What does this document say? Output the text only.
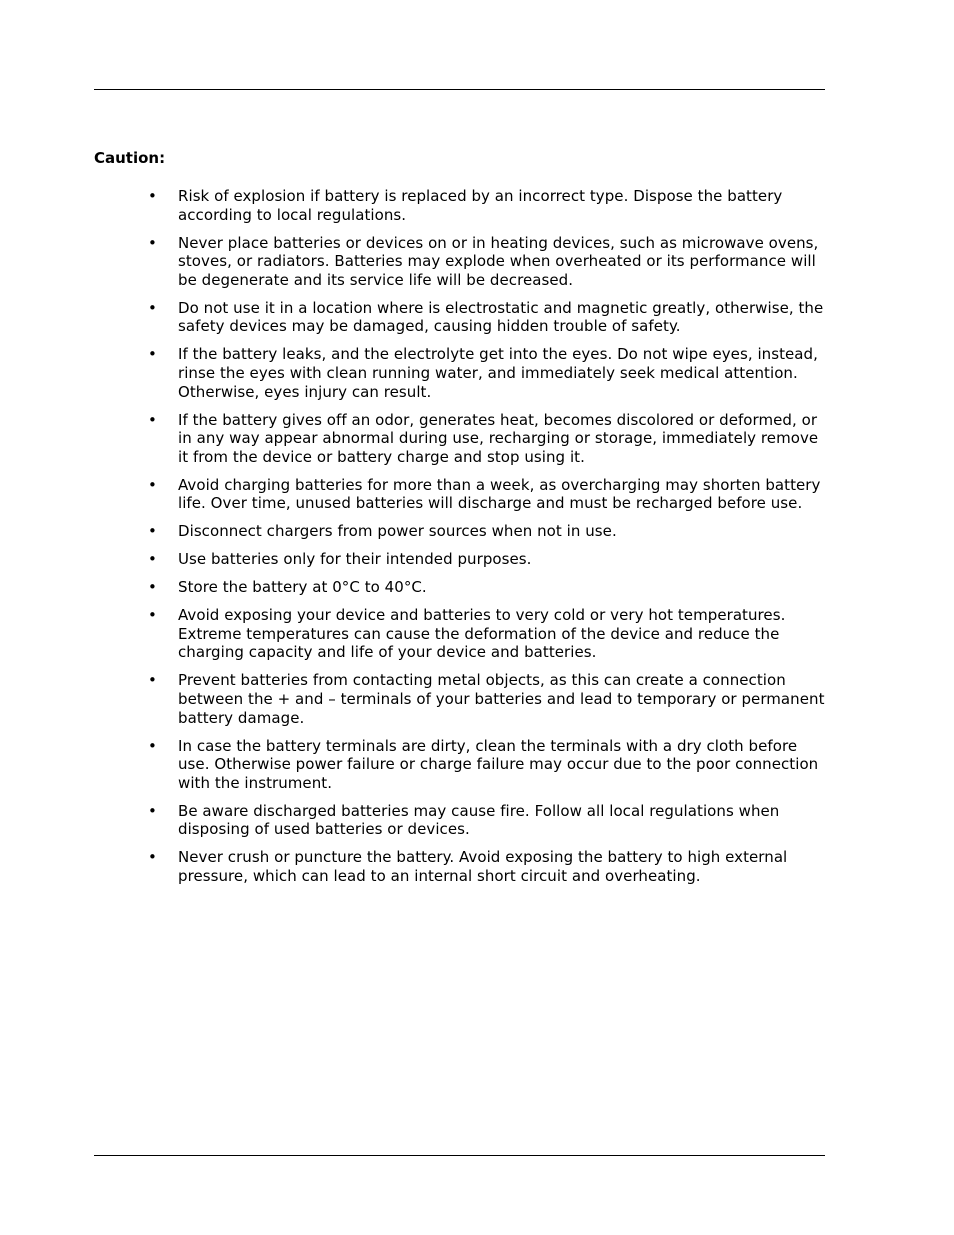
Caution:
• Risk of explosion if battery is replaced by an incorrect type. Dispose the battery according to local regulations.
• Never place batteries or devices on or in heating devices, such as microwave ovens, stoves, or radiators. Batteries may explode when overheated or its performance will be degenerate and its service life will be decreased.
• Do not use it in a location where is electrostatic and magnetic greatly, otherwise, the safety devices may be damaged, causing hidden trouble of safety.
• If the battery leaks, and the electrolyte get into the eyes. Do not wipe eyes, instead, rinse the eyes with clean running water, and immediately seek medical attention. Otherwise, eyes injury can result.
• If the battery gives off an odor, generates heat, becomes discolored or deformed, or in any way appear abnormal during use, recharging or storage, immediately remove it from the device or battery charge and stop using it.
• Avoid charging batteries for more than a week, as overcharging may shorten battery life. Over time, unused batteries will discharge and must be recharged before use.
• Disconnect chargers from power sources when not in use.
• Use batteries only for their intended purposes.
• Store the battery at 0°C to 40°C.
• Avoid exposing your device and batteries to very cold or very hot temperatures. Extreme temperatures can cause the deformation of the device and reduce the charging capacity and life of your device and batteries.
• Prevent batteries from contacting metal objects, as this can create a connection between the + and – terminals of your batteries and lead to temporary or permanent battery damage.
• In case the battery terminals are dirty, clean the terminals with a dry cloth before use. Otherwise power failure or charge failure may occur due to the poor connection with the instrument.
• Be aware discharged batteries may cause fire. Follow all local regulations when disposing of used batteries or devices.
• Never crush or puncture the battery. Avoid exposing the battery to high external pressure, which can lead to an internal short circuit and overheating.
